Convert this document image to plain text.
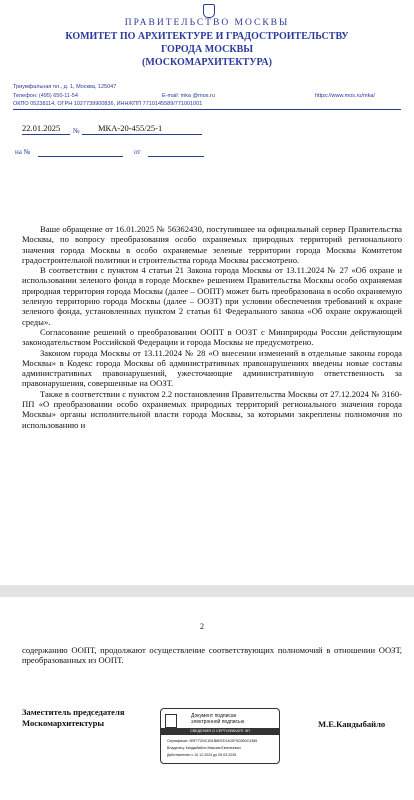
ПРАВИТЕЛЬСТВО МОСКВЫ
КОМИТЕТ ПО АРХИТЕКТУРЕ И ГРАДОСТРОИТЕЛЬСТВУ
ГОРОДА МОСКВЫ
(МОСКОМАРХИТЕКТУРА)
Триумфальная пл., д. 1, Москва, 125047
Телефон: (495) 650-11-54	E-mail: mka @mos.ru	https://www.mos.ru/mka/
ОКПО 05238114, ОГРН 1027739900836, ИНН/КПП 7710145589/771001001
22.01.2025	МКА-20-455/25-1
№
на №	от

Ваше обращение от 16.01.2025 № 56362430, поступившее на официальный сервер Правительства Москвы, по вопросу преобразования особо охраняемых природных территорий регионального значения города Москвы в особо охраняемые зеленые территории города Москвы Комитетом градостроительной политики и строительства города Москвы рассмотрено.

В соответствии с пунктом 4 статьи 21 Закона города Москвы от 13.11.2024 № 27 «Об охране и использовании зеленого фонда в городе Москве» решением Правительства Москвы особо охраняемая природная территория города Москвы (далее – ООПТ) может быть преобразована в особо охраняемую зеленую территорию города Москвы (далее – ООЗТ) при условии обеспечения требований к охране зеленого фонда, установленных пунктом 2 статьи 61 Федерального закона «Об охране окружающей среды».

Согласование решений о преобразовании ООПТ в ООЗТ с Минприроды России действующим законодательством Российской Федерации и города Москвы не предусмотрено.

Законом города Москвы от 13.11.2024 № 28 «О внесении изменений в отдельные законы города Москвы» в Кодекс города Москвы об административных правонарушениях введены новые составы административных правонарушений, ужесточающие административную ответственность за правонарушения, совершенные на ООЗТ.

Также в соответствии с пунктом 2.2 постановления Правительства Москвы от 27.12.2024 № 3160-ПП «О преобразовании особо охраняемых природных территорий регионального значения города Москвы» органы исполнительной власти города Москвы, за которыми закреплены полномочия по использованию и

2
содержанию ООПТ, продолжают осуществление соответствующих полномочий в отношении ООЗТ, преобразованных из ООПТ.
Заместитель председателя
Москомархитектуры
Документ подписан
электронной подписью
СВЕДЕНИЯ О СЕРТИФИКАТЕ ЭП
Сертификат: 0BF77ZNC1B1B8EED1403F9C0B0C4385
Владелец: Кандыбайло Максим Евгеньевич
Действителен с 10.12.2024 до 05.03.2026
М.Е.Кандыбайло
